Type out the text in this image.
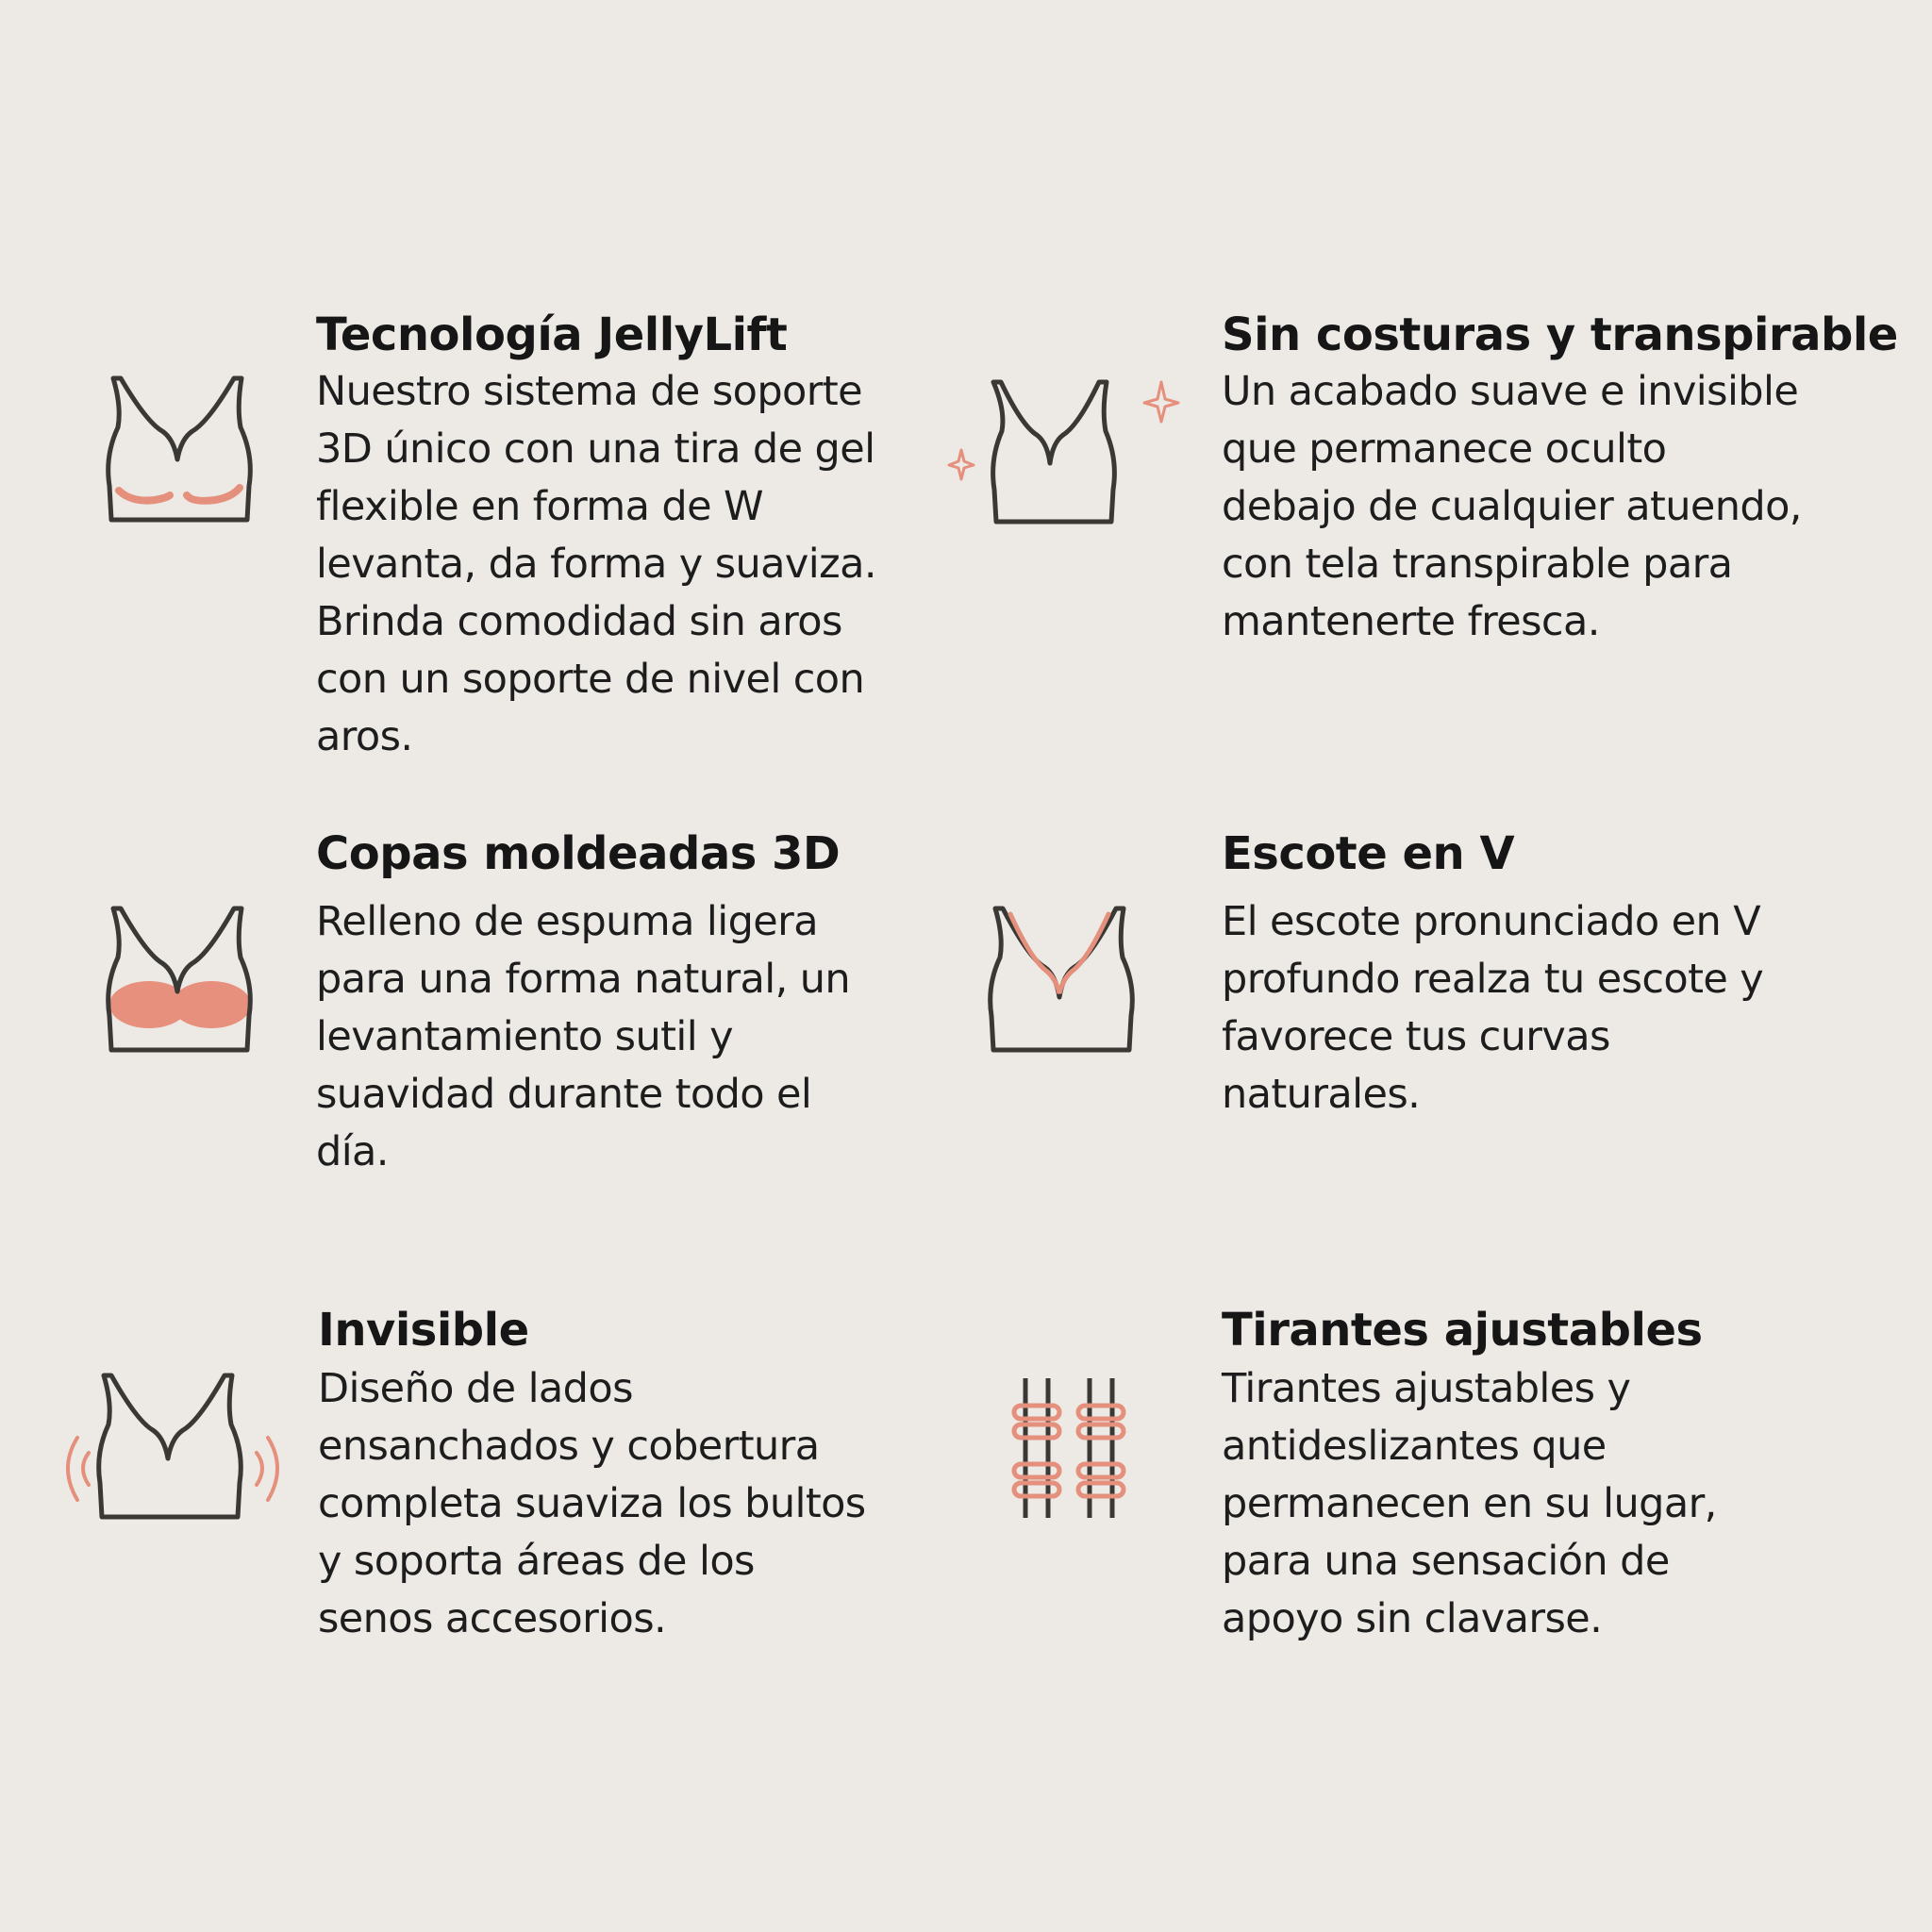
Tecnología JellyLift

Nuestro sistema de soporte
3D único con una tira de gel
flexible en forma de W
levanta, da forma y suaviza.
Brinda comodidad sin aros
con un soporte de nivel con
aros.

Sin costuras y transpirable

Un acabado suave e invisible
que permanece oculto
debajo de cualquier atuendo,
con tela transpirable para
mantenerte fresca.

Copas moldeadas 3D

Relleno de espuma ligera
para una forma natural, un
levantamiento sutil y
suavidad durante todo el
día.

Escote en V

El escote pronunciado en V
profundo realza tu escote y
favorece tus curvas
naturales.

Invisible

Diseño de lados
ensanchados y cobertura
completa suaviza los bultos
y soporta áreas de los
senos accesorios.

Tirantes ajustables

Tirantes ajustables y
antideslizantes que
permanecen en su lugar,
para una sensación de
apoyo sin clavarse.
